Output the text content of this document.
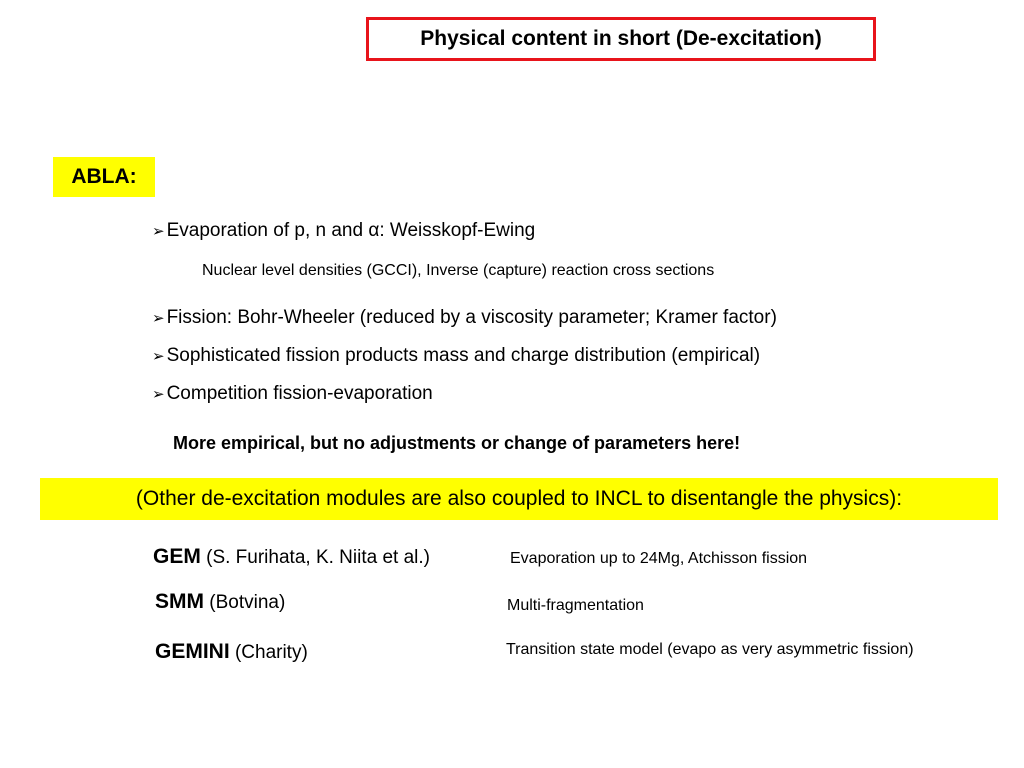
Physical content in short (De-excitation)
ABLA:
➢ Evaporation of p, n and α: Weisskopf-Ewing
Nuclear level densities (GCCI), Inverse (capture) reaction cross sections
➢ Fission: Bohr-Wheeler (reduced by a viscosity parameter; Kramer factor)
➢ Sophisticated fission products mass and charge distribution (empirical)
➢ Competition fission-evaporation
More empirical, but no adjustments or change of parameters here!
(Other de-excitation modules are also coupled to INCL to disentangle the physics):
GEM (S. Furihata, K. Niita et al.)	Evaporation up to 24Mg, Atchisson fission
SMM (Botvina)	Multi-fragmentation
GEMINI (Charity)	Transition state model (evapo as very asymmetric fission)
